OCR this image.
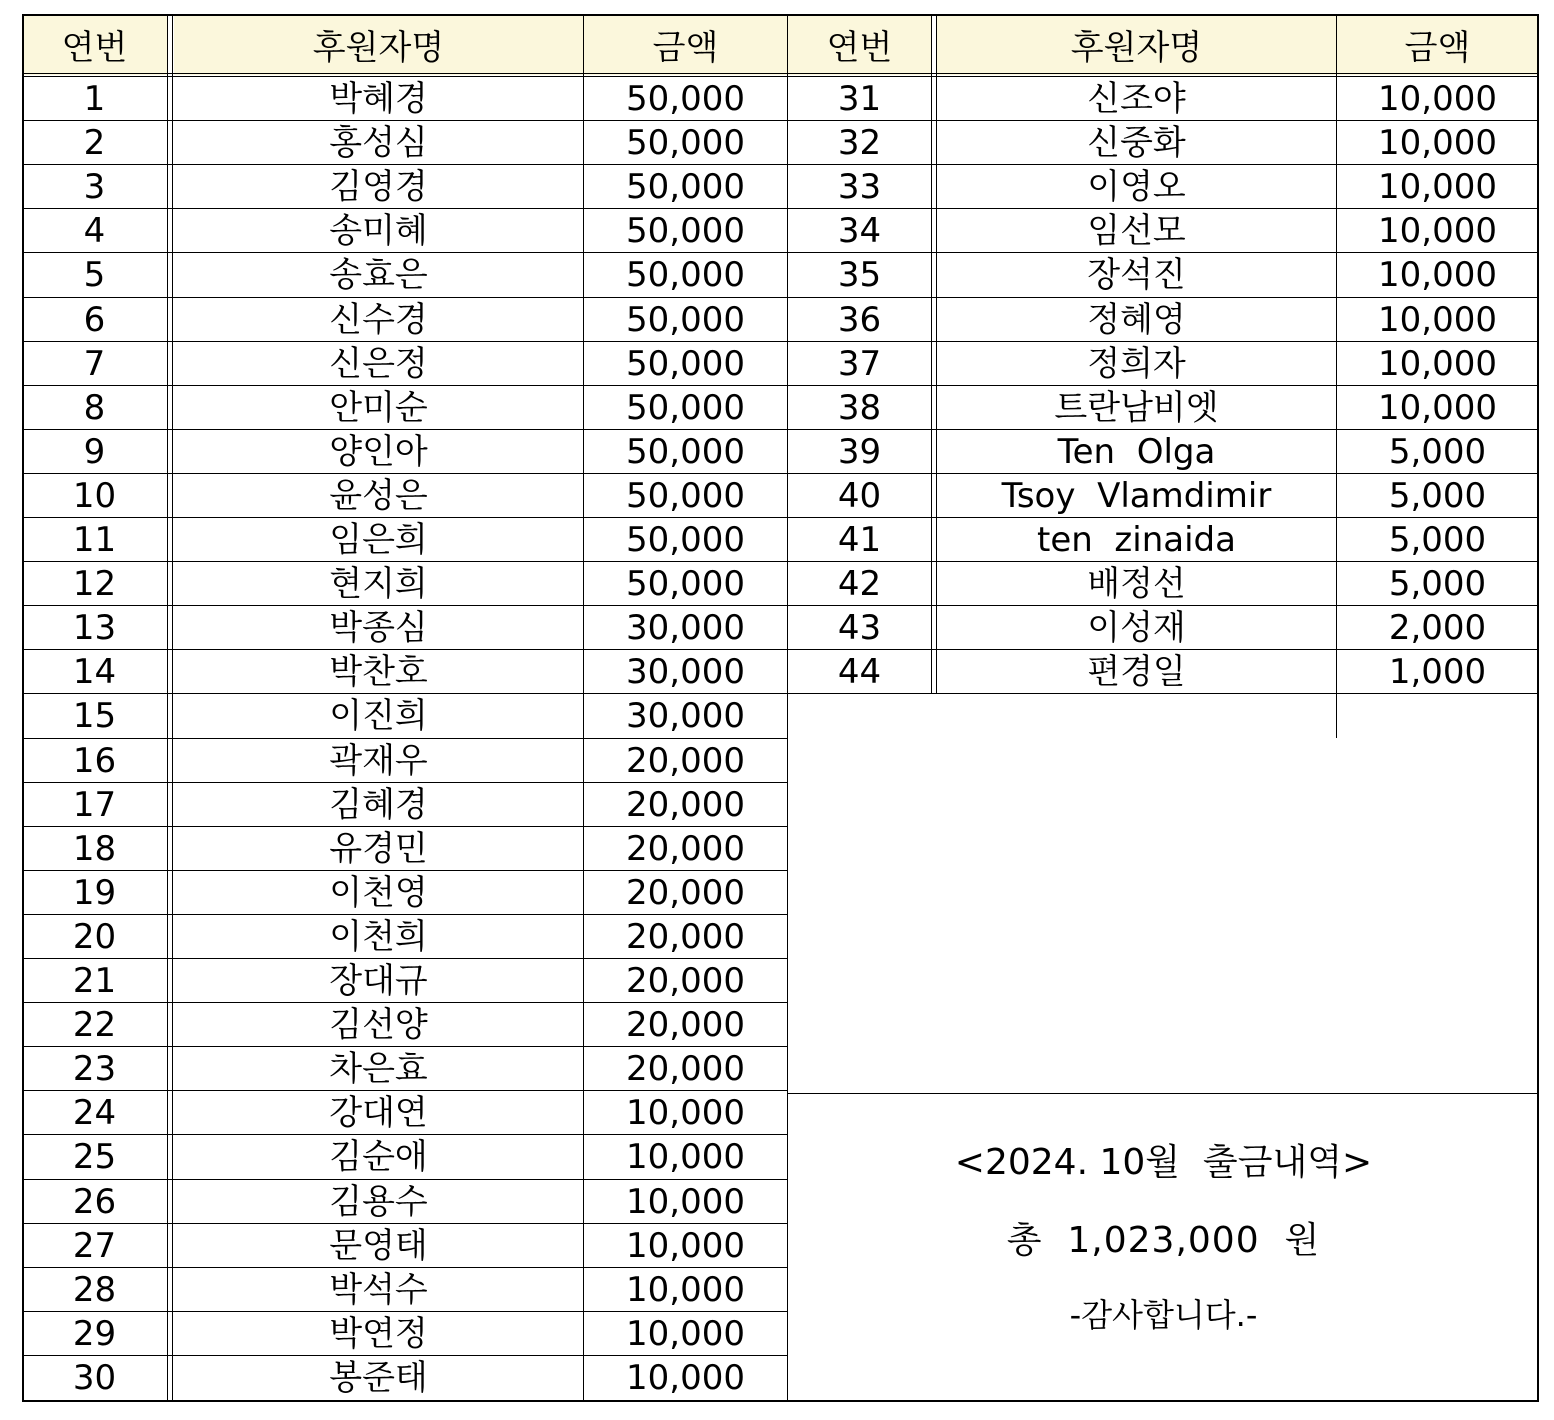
연번	후원자명	금액	연번	후원자명	금액
1	박혜경	50,000
2	홍성심	50,000
3	김영경	50,000
4	송미혜	50,000
5	송효은	50,000
6	신수경	50,000
7	신은정	50,000
8	안미순	50,000
9	양인아	50,000
10	윤성은	50,000
11	임은희	50,000
12	현지희	50,000
13	박종심	30,000
14	박찬호	30,000
15	이진희	30,000
16	곽재우	20,000
17	김혜경	20,000
18	유경민	20,000
19	이천영	20,000
20	이천희	20,000
21	장대규	20,000
22	김선양	20,000
23	차은효	20,000
24	강대연	10,000
25	김순애	10,000
26	김용수	10,000
27	문영태	10,000
28	박석수	10,000
29	박연정	10,000
30	봉준태	10,000
31	신조야	10,000
32	신중화	10,000
33	이영오	10,000
34	임선모	10,000
35	장석진	10,000
36	정혜영	10,000
37	정희자	10,000
38	트란남비엣	10,000
39	Ten  Olga	5,000
40	Tsoy  Vlamdimir	5,000
41	ten  zinaida	5,000
42	배정선	5,000
43	이성재	2,000
44	편경일	1,000
<2024. 10월  출금내역>
총  1,023,000  원
-감사합니다.-
